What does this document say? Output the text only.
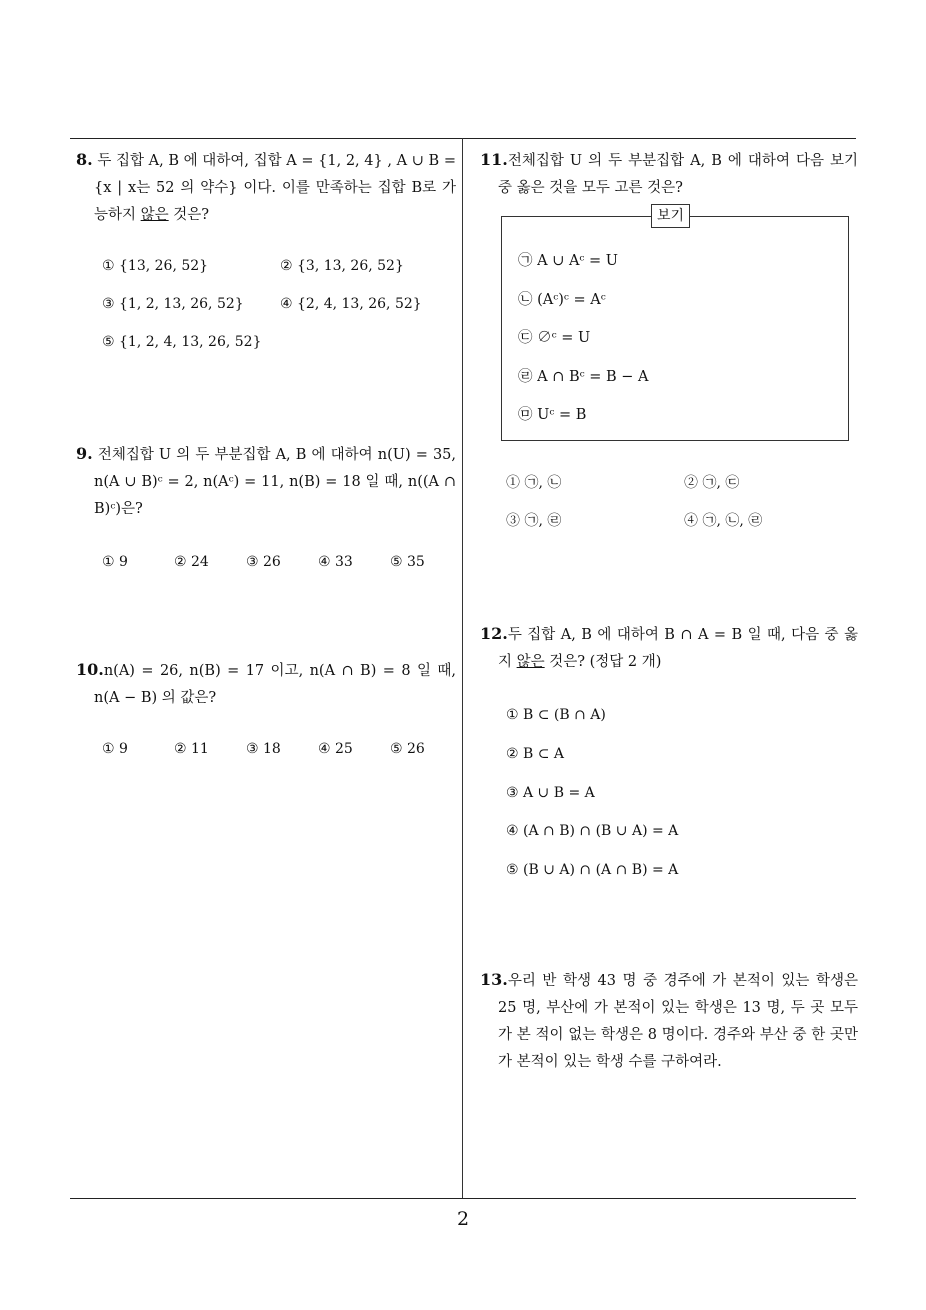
8. 두 집합 A, B 에 대하여, 집합 A = {1, 2, 4} , A ∪ B = {x | x는 52 의 약수} 이다. 이를 만족하는 집합 B로 가능하지 않은 것은?
① {13, 26, 52}	② {3, 13, 26, 52}
③ {1, 2, 13, 26, 52}	④ {2, 4, 13, 26, 52}
⑤ {1, 2, 4, 13, 26, 52}
9. 전체집합 U 의 두 부분집합 A, B 에 대하여 n(U) = 35, n(A ∪ B)ᶜ = 2, n(Aᶜ) = 11, n(B) = 18 일 때, n((A ∩ B)ᶜ)은?
① 9	② 24	③ 26	④ 33	⑤ 35
10.n(A) = 26, n(B) = 17 이고, n(A ∩ B) = 8 일 때, n(A − B) 의 값은?
① 9	② 11	③ 18	④ 25	⑤ 26
11.전체집합 U 의 두 부분집합 A, B 에 대하여 다음 보기 중 옳은 것을 모두 고른 것은?
㉠ A ∪ Aᶜ = U
㉡ (Aᶜ)ᶜ = Aᶜ
㉢ ∅ᶜ = U
㉣ A ∩ Bᶜ = B − A
㉤ Uᶜ = B
보기
① ㉠, ㉡	② ㉠, ㉢
③ ㉠, ㉣	④ ㉠, ㉡, ㉣
12.두 집합 A, B 에 대하여 B ∩ A = B 일 때, 다음 중 옳지 않은 것은? (정답 2 개)
① B ⊂ (B ∩ A)
② B ⊂ A
③ A ∪ B = A
④ (A ∩ B) ∩ (B ∪ A) = A
⑤ (B ∪ A) ∩ (A ∩ B) = A
13.우리 반 학생 43 명 중 경주에 가 본적이 있는 학생은 25 명, 부산에 가 본적이 있는 학생은 13 명, 두 곳 모두 가 본 적이 없는 학생은 8 명이다. 경주와 부산 중 한 곳만 가 본적이 있는 학생 수를 구하여라.
2
